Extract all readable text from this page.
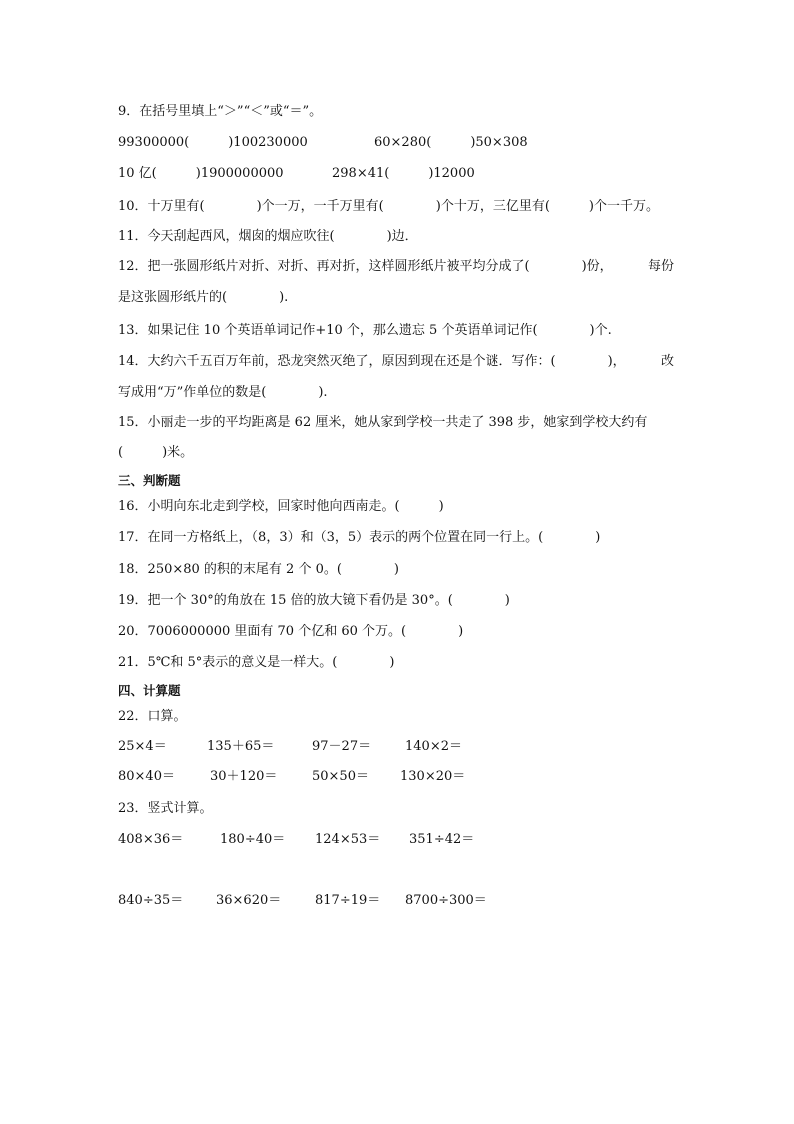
9．在括号里填上“＞”“＜”或“＝”。
99300000(　　　)100230000	60×280(　　　)50×308
10 亿(　　　)1900000000	298×41(　　　)12000
10．十万里有(　　　　)个一万，一千万里有(　　　　)个十万，三亿里有(　　　)个一千万。
11．今天刮起西风，烟囱的烟应吹往(　　　　)边．
12．把一张圆形纸片对折、对折、再对折，这样圆形纸片被平均分成了(　　　　)份，	每份
是这张圆形纸片的(　　　　).
13．如果记住 10 个英语单词记作+10 个，那么遗忘 5 个英语单词记作(　　　　)个.
14．大约六千五百万年前，恐龙突然灭绝了，原因到现在还是个谜．写作：(　　　　)，	改
写成用“万”作单位的数是(　　　　).
15．小丽走一步的平均距离是 62 厘米，她从家到学校一共走了 398 步，她家到学校大约有
(　　　)米。
三、判断题
16．小明向东北走到学校，回家时他向西南走。(　　　)
17．在同一方格纸上，（8，3）和（3，5）表示的两个位置在同一行上。(　　　　)
18．250×80 的积的末尾有 2 个 0。(　　　　)
19．把一个 30°的角放在 15 倍的放大镜下看仍是 30°。(　　　　)
20．7006000000 里面有 70 个亿和 60 个万。(　　　　)
21．5℃和 5°表示的意义是一样大。(　　　　)
四、计算题
22．口算。
25×4＝	135＋65＝	97－27＝	140×2＝
80×40＝	30＋120＝	50×50＝ 130×20＝
23．竖式计算。
408×36＝	180÷40＝ 124×53＝ 351÷42＝
840÷35＝	36×620＝	817÷19＝ 8700÷300＝
